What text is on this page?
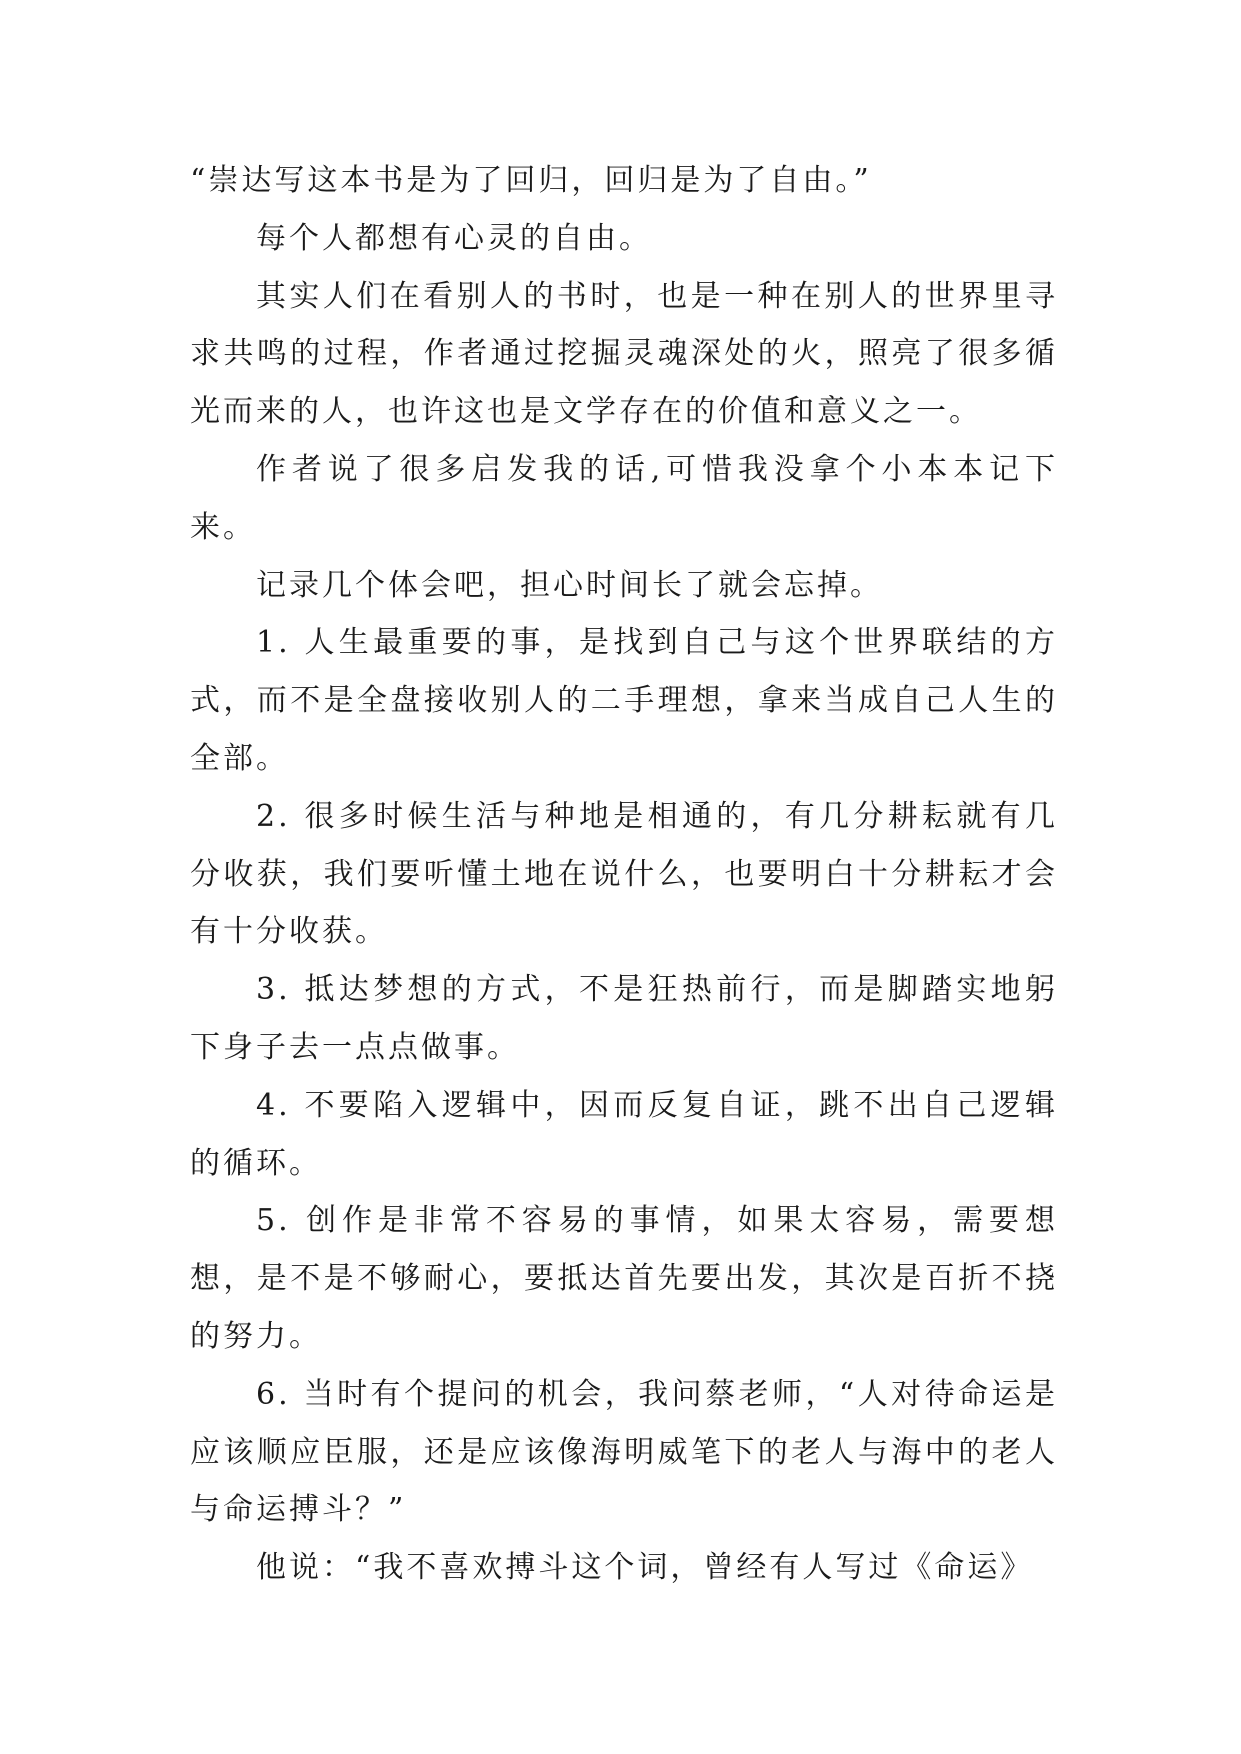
“崇达写这本书是为了回归，回归是为了自由。”

每个人都想有心灵的自由。

其实人们在看别人的书时，也是一种在别人的世界里寻求共鸣的过程，作者通过挖掘灵魂深处的火，照亮了很多循光而来的人，也许这也是文学存在的价值和意义之一。

作者说了很多启发我的话,可惜我没拿个小本本记下来。

记录几个体会吧，担心时间长了就会忘掉。

1. 人生最重要的事，是找到自己与这个世界联结的方式，而不是全盘接收别人的二手理想，拿来当成自己人生的全部。

2. 很多时候生活与种地是相通的，有几分耕耘就有几分收获，我们要听懂土地在说什么，也要明白十分耕耘才会有十分收获。

3. 抵达梦想的方式，不是狂热前行，而是脚踏实地躬下身子去一点点做事。

4. 不要陷入逻辑中，因而反复自证，跳不出自己逻辑的循环。

5. 创作是非常不容易的事情，如果太容易，需要想想，是不是不够耐心，要抵达首先要出发，其次是百折不挠的努力。

6. 当时有个提问的机会，我问蔡老师，“人对待命运是应该顺应臣服，还是应该像海明威笔下的老人与海中的老人与命运搏斗？”

他说：“我不喜欢搏斗这个词，曾经有人写过《命运》
